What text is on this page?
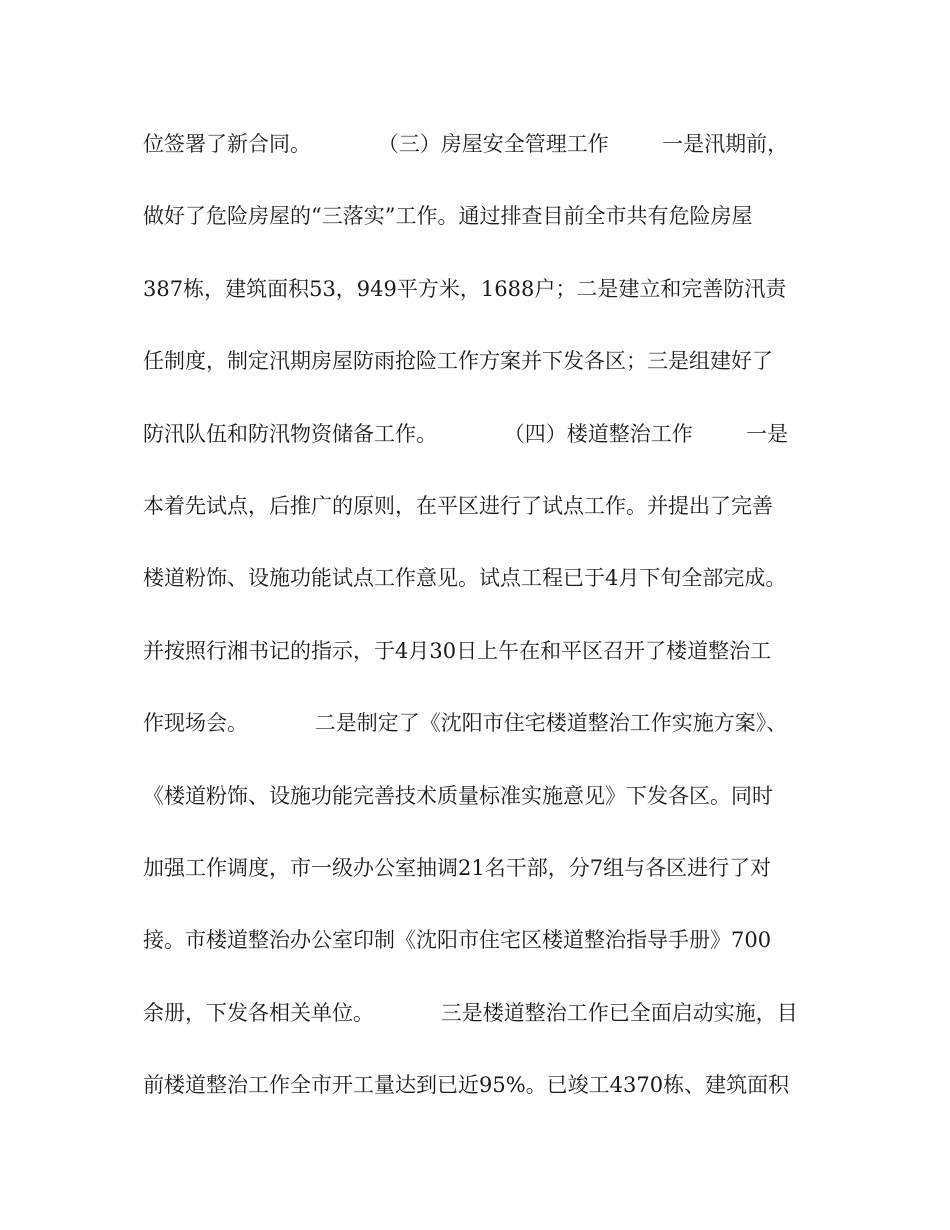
位签署了新合同。          （三）房屋安全管理工作        一是汛期前，
做好了危险房屋的“三落实”工作。通过排查目前全市共有危险房屋
387栋，建筑面积53，949平方米，1688户；二是建立和完善防汛责
任制度，制定汛期房屋防雨抢险工作方案并下发各区；三是组建好了
防汛队伍和防汛物资储备工作。          （四）楼道整治工作        一是
本着先试点，后推广的原则，在平区进行了试点工作。并提出了完善
楼道粉饰、设施功能试点工作意见。试点工程已于4月下旬全部完成。
并按照行湘书记的指示，于4月30日上午在和平区召开了楼道整治工
作现场会。          二是制定了《沈阳市住宅楼道整治工作实施方案》、
《楼道粉饰、设施功能完善技术质量标准实施意见》下发各区。同时
加强工作调度，市一级办公室抽调21名干部，分7组与各区进行了对
接。市楼道整治办公室印制《沈阳市住宅区楼道整治指导手册》700
余册，下发各相关单位。          三是楼道整治工作已全面启动实施，目
前楼道整治工作全市开工量达到已近95%。已竣工4370栋、建筑面积
